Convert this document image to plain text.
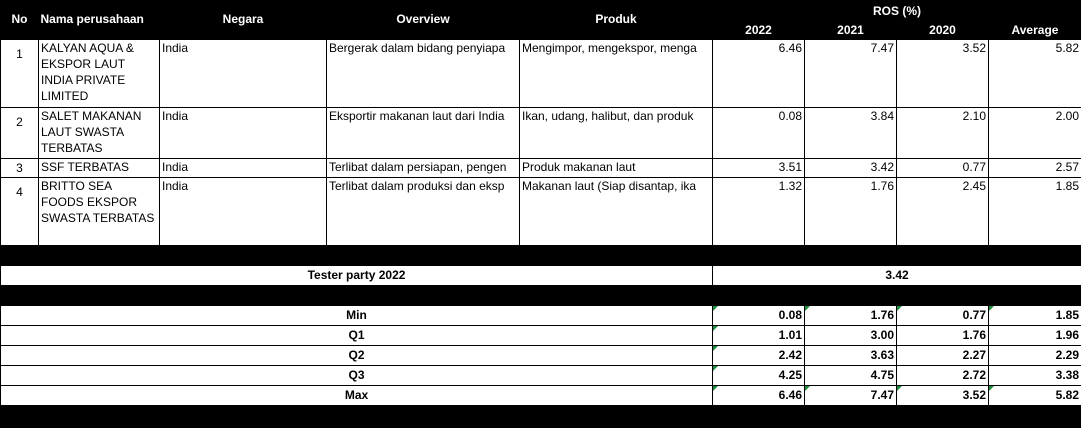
No	Nama perusahaan	Negara	Overview	Produk	ROS (%)			
					2022	2021	2020	Average
1	KALYAN AQUA & EKSPOR LAUT INDIA PRIVATE LIMITED	India	Bergerak dalam bidang penyiapa	Mengimpor, mengekspor, menga	6.46	7.47	3.52	5.82
2	SALET MAKANAN LAUT SWASTA TERBATAS	India	Eksportir makanan laut dari India	Ikan, udang, halibut, dan produk	0.08	3.84	2.10	2.00
3	SSF TERBATAS	India	Terlibat dalam persiapan, pengen	Produk makanan laut	3.51	3.42	0.77	2.57
4	BRITTO SEA FOODS EKSPOR SWASTA TERBATAS	India	Terlibat dalam produksi dan eksp	Makanan laut (Siap disantap, ika	1.32	1.76	2.45	1.85

Tester party 2022					3.42			

Min					0.08	1.76	0.77	1.85
Q1					1.01	3.00	1.76	1.96
Q2					2.42	3.63	2.27	2.29
Q3					4.25	4.75	2.72	3.38
Max					6.46	7.47	3.52	5.82
